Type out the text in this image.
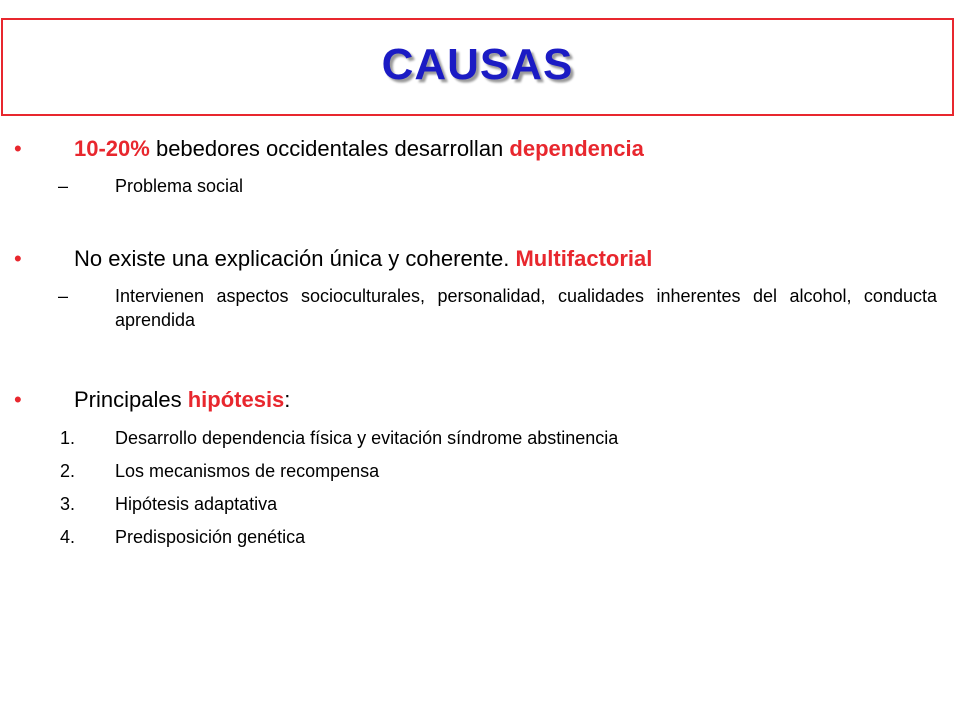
CAUSAS
• 10-20% bebedores occidentales desarrollan dependencia
–	Problema social
• No existe una explicación única y coherente. Multifactorial
–	Intervienen aspectos socioculturales, personalidad, cualidades inherentes del alcohol, conducta aprendida
• Principales hipótesis:
1. Desarrollo dependencia física y evitación síndrome abstinencia
2. Los mecanismos de recompensa
3. Hipótesis adaptativa
4. Predisposición genética
